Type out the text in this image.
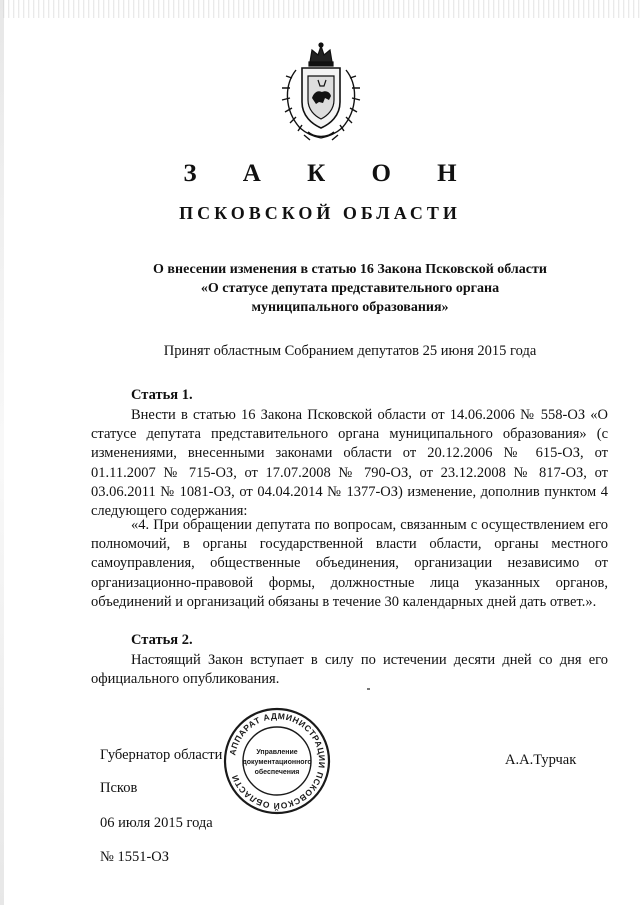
З А К О Н
ПСКОВСКОЙ ОБЛАСТИ
О внесении изменения в статью 16 Закона Псковской области
«О статусе депутата представительного органа
муниципального образования»
Принят областным Собранием депутатов 25 июня 2015 года
Статья 1.
Внести в статью 16 Закона Псковской области от 14.06.2006 № 558-ОЗ «О статусе депутата представительного органа муниципального образования» (с изменениями, внесенными законами области от 20.12.2006 № 615-ОЗ, от 01.11.2007 № 715-ОЗ, от 17.07.2008 № 790-ОЗ, от 23.12.2008 № 817-ОЗ, от 03.06.2011 № 1081-ОЗ, от 04.04.2014 № 1377-ОЗ) изменение, дополнив пунктом 4 следующего содержания:
«4. При обращении депутата по вопросам, связанным с осуществлением его полномочий, в органы государственной власти области, органы местного самоуправления, общественные объединения, организации независимо от организационно-правовой формы, должностные лица указанных органов, объединений и организаций обязаны в течение 30 календарных дней дать ответ.».
Статья 2.
Настоящий Закон вступает в силу по истечении десяти дней со дня его официального опубликования.
Губернатор области	А.А.Турчак
Псков
06 июля 2015 года
№ 1551-ОЗ
АППАРАТ АДМИНИСТРАЦИИ ПСКОВСКОЙ ОБЛАСТИ
Управление
документационного
обеспечения
